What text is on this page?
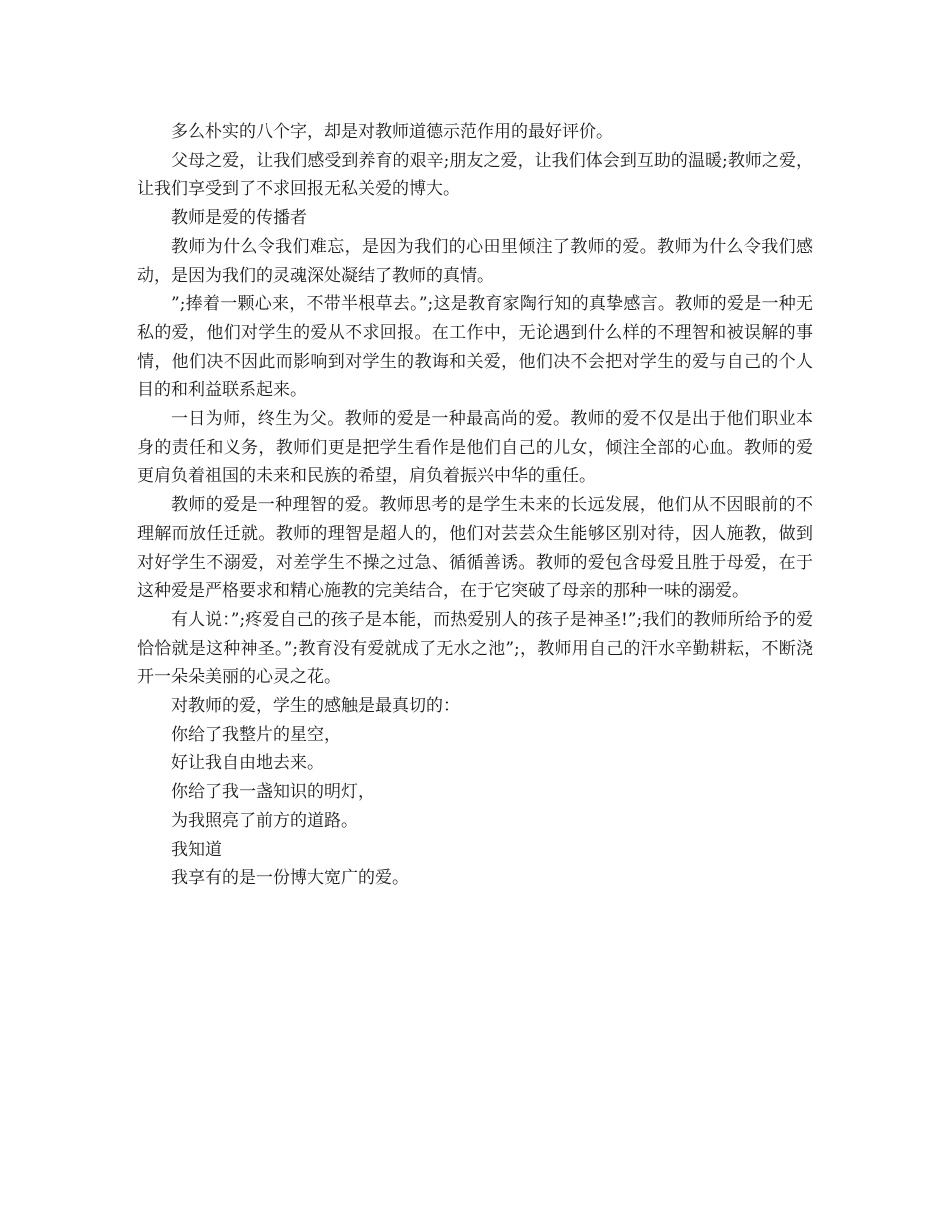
多么朴实的八个字，却是对教师道德示范作用的最好评价。

父母之爱，让我们感受到养育的艰辛;朋友之爱，让我们体会到互助的温暖;教师之爱，让我们享受到了不求回报无私关爱的博大。

教师是爱的传播者

教师为什么令我们难忘，是因为我们的心田里倾注了教师的爱。教师为什么令我们感动，是因为我们的灵魂深处凝结了教师的真情。

”;捧着一颗心来，不带半根草去。”;这是教育家陶行知的真挚感言。教师的爱是一种无私的爱，他们对学生的爱从不求回报。在工作中，无论遇到什么样的不理智和被误解的事情，他们决不因此而影响到对学生的教诲和关爱，他们决不会把对学生的爱与自己的个人目的和利益联系起来。

一日为师，终生为父。教师的爱是一种最高尚的爱。教师的爱不仅是出于他们职业本身的责任和义务，教师们更是把学生看作是他们自己的儿女，倾注全部的心血。教师的爱更肩负着祖国的未来和民族的希望，肩负着振兴中华的重任。

教师的爱是一种理智的爱。教师思考的是学生未来的长远发展，他们从不因眼前的不理解而放任迁就。教师的理智是超人的，他们对芸芸众生能够区别对待，因人施教，做到对好学生不溺爱，对差学生不操之过急、循循善诱。教师的爱包含母爱且胜于母爱，在于这种爱是严格要求和精心施教的完美结合，在于它突破了母亲的那种一味的溺爱。

有人说：”;疼爱自己的孩子是本能，而热爱别人的孩子是神圣!”;我们的教师所给予的爱恰恰就是这种神圣。”;教育没有爱就成了无水之池”;，教师用自己的汗水辛勤耕耘，不断浇开一朵朵美丽的心灵之花。

对教师的爱，学生的感触是最真切的：

你给了我整片的星空，

好让我自由地去来。

你给了我一盏知识的明灯，

为我照亮了前方的道路。

我知道

我享有的是一份博大宽广的爱。
